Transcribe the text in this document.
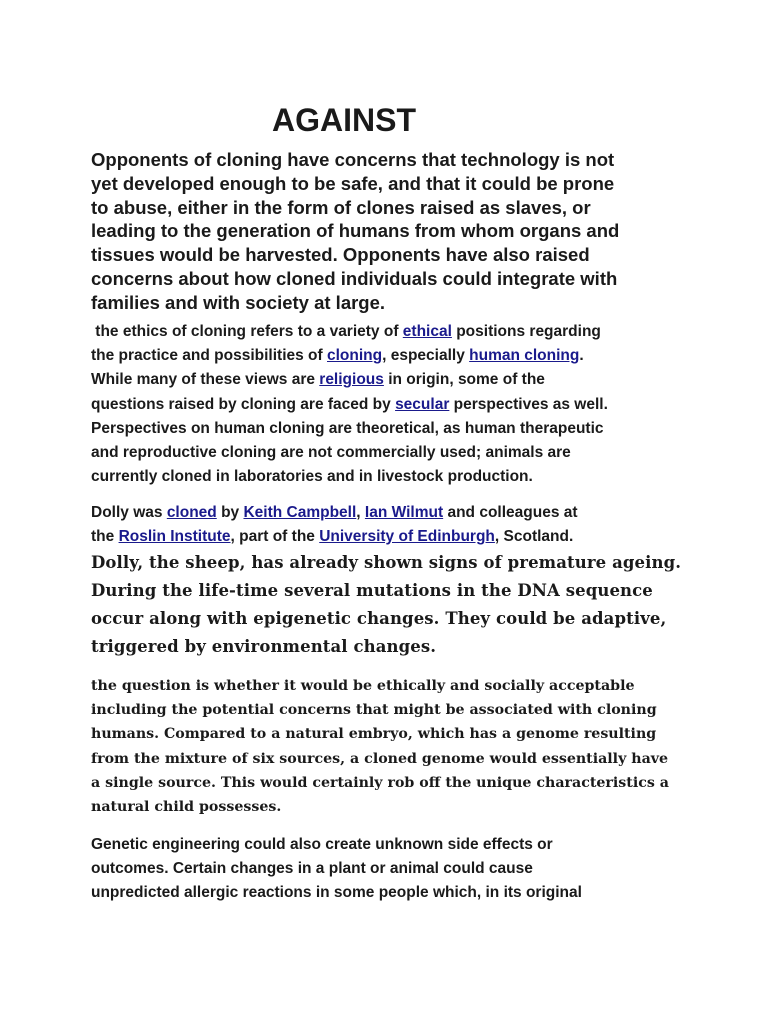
AGAINST

Opponents of cloning have concerns that technology is not
yet developed enough to be safe, and that it could be prone
to abuse, either in the form of clones raised as slaves, or
leading to the generation of humans from whom organs and
tissues would be harvested. Opponents have also raised
concerns about how cloned individuals could integrate with
families and with society at large.

the ethics of cloning refers to a variety of ethical positions regarding
the practice and possibilities of cloning, especially human cloning.
While many of these views are religious in origin, some of the
questions raised by cloning are faced by secular perspectives as well.
Perspectives on human cloning are theoretical, as human therapeutic
and reproductive cloning are not commercially used; animals are
currently cloned in laboratories and in livestock production.

Dolly was cloned by Keith Campbell, Ian Wilmut and colleagues at
the Roslin Institute, part of the University of Edinburgh, Scotland.

Dolly, the sheep, has already shown signs of premature ageing.
During the life-time several mutations in the DNA sequence
occur along with epigenetic changes. They could be adaptive,
triggered by environmental changes.

the question is whether it would be ethically and socially acceptable
including the potential concerns that might be associated with cloning
humans. Compared to a natural embryo, which has a genome resulting
from the mixture of six sources, a cloned genome would essentially have
a single source. This would certainly rob off the unique characteristics a
natural child possesses.

Genetic engineering could also create unknown side effects or
outcomes. Certain changes in a plant or animal could cause
unpredicted allergic reactions in some people which, in its original
